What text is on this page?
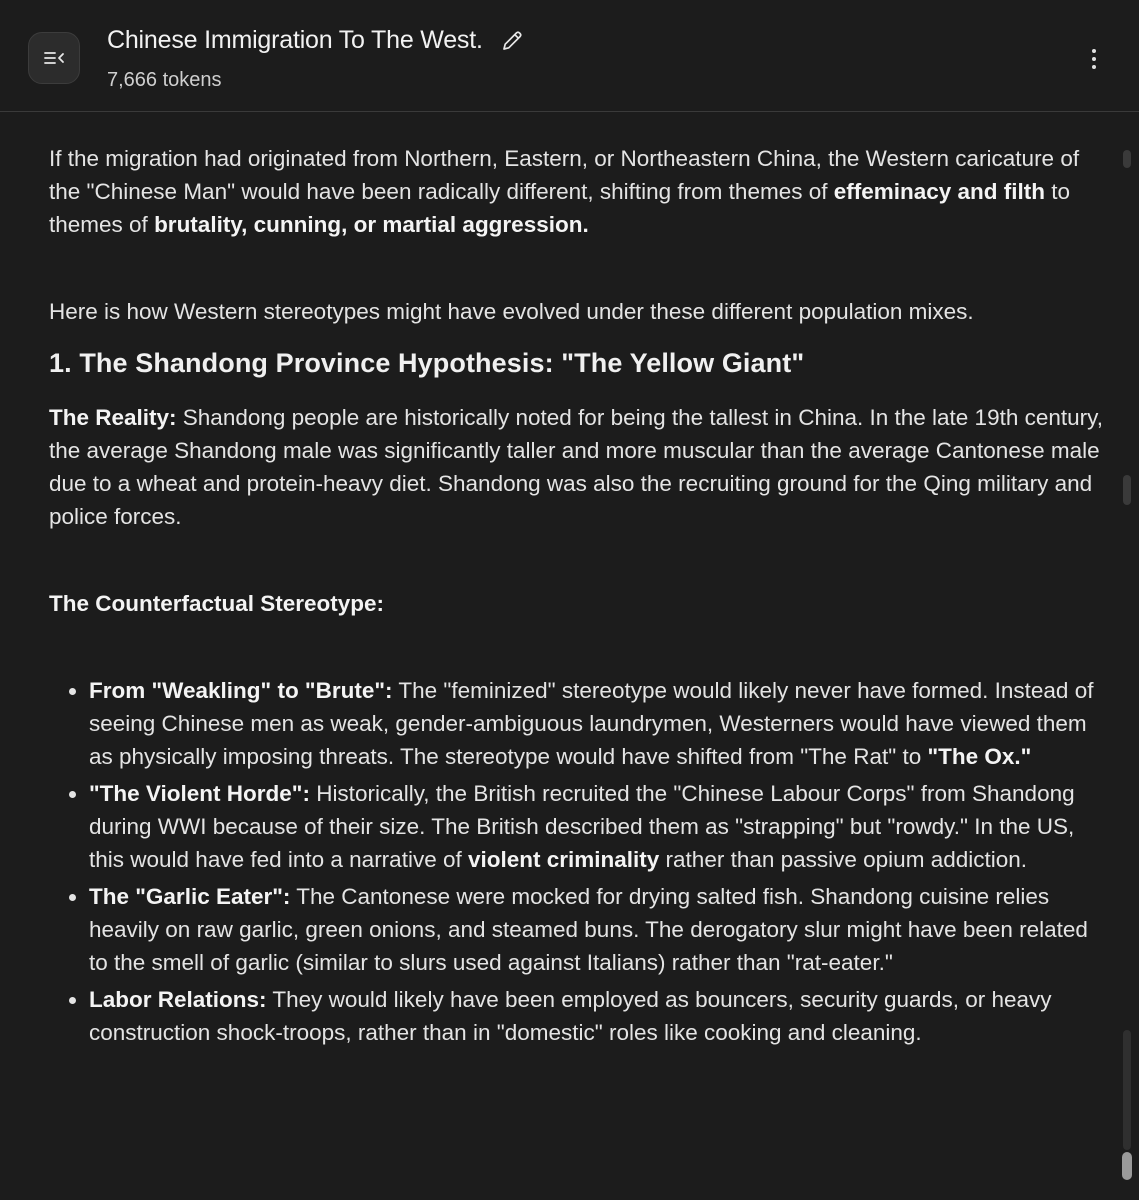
Chinese Immigration To The West.
7,666 tokens

If the migration had originated from Northern, Eastern, or Northeastern China, the Western caricature of the "Chinese Man" would have been radically different, shifting from themes of effeminacy and filth to themes of brutality, cunning, or martial aggression.

Here is how Western stereotypes might have evolved under these different population mixes.

1. The Shandong Province Hypothesis: "The Yellow Giant"

The Reality: Shandong people are historically noted for being the tallest in China. In the late 19th century, the average Shandong male was significantly taller and more muscular than the average Cantonese male due to a wheat and protein-heavy diet. Shandong was also the recruiting ground for the Qing military and police forces.

The Counterfactual Stereotype:

From "Weakling" to "Brute": The "feminized" stereotype would likely never have formed. Instead of seeing Chinese men as weak, gender-ambiguous laundrymen, Westerners would have viewed them as physically imposing threats. The stereotype would have shifted from "The Rat" to "The Ox."
"The Violent Horde": Historically, the British recruited the "Chinese Labour Corps" from Shandong during WWI because of their size. The British described them as "strapping" but "rowdy." In the US, this would have fed into a narrative of violent criminality rather than passive opium addiction.
The "Garlic Eater": The Cantonese were mocked for drying salted fish. Shandong cuisine relies heavily on raw garlic, green onions, and steamed buns. The derogatory slur might have been related to the smell of garlic (similar to slurs used against Italians) rather than "rat-eater."
Labor Relations: They would likely have been employed as bouncers, security guards, or heavy construction shock-troops, rather than in "domestic" roles like cooking and cleaning.
